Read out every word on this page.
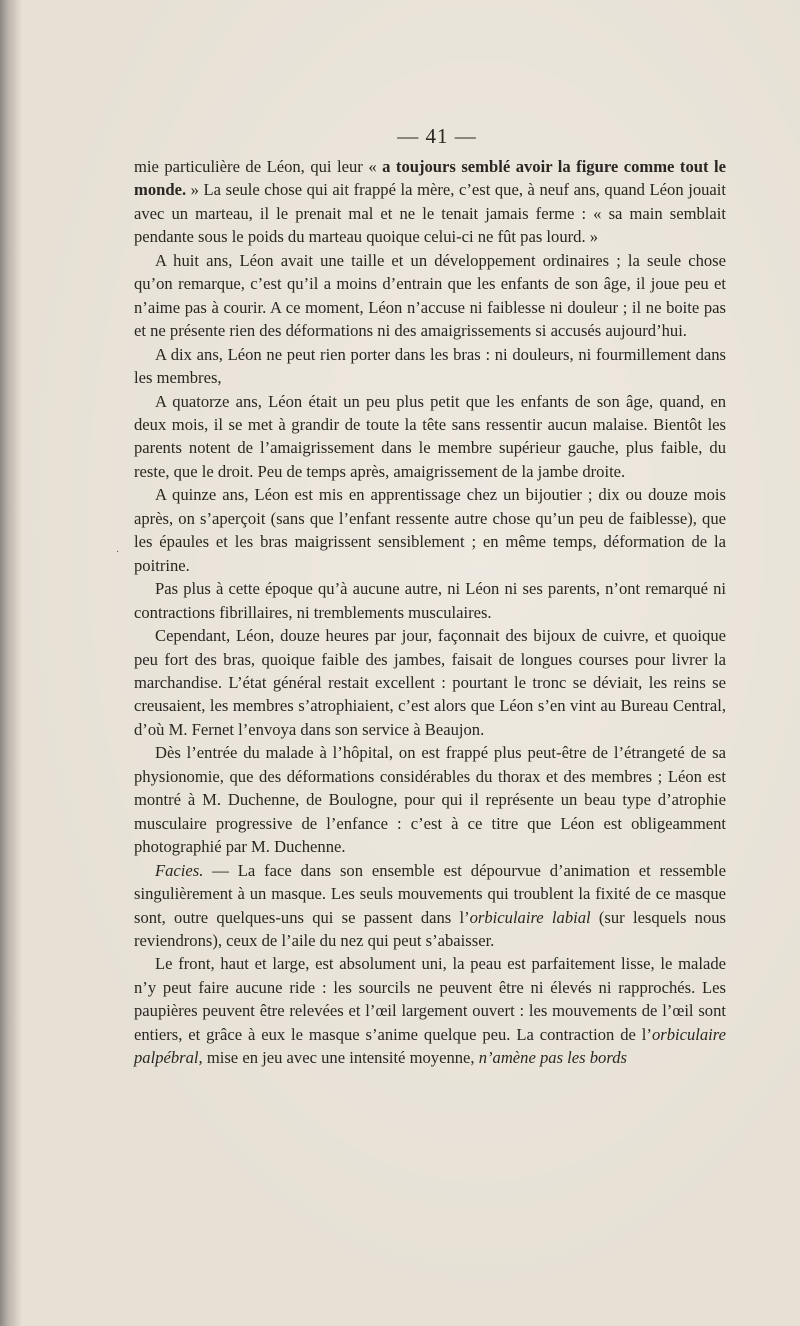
— 41 —
·

mie particulière de Léon, qui leur « a toujours semblé avoir la figure comme tout le monde. » La seule chose qui ait frappé la mère, c’est que, à neuf ans, quand Léon jouait avec un marteau, il le prenait mal et ne le tenait jamais ferme : « sa main semblait pendante sous le poids du marteau quoique celui-ci ne fût pas lourd. »

A huit ans, Léon avait une taille et un développement ordinaires ; la seule chose qu’on remarque, c’est qu’il a moins d’entrain que les enfants de son âge, il joue peu et n’aime pas à courir. A ce moment, Léon n’accuse ni faiblesse ni douleur ; il ne boite pas et ne présente rien des déformations ni des amaigrissements si accusés aujourd’hui.

A dix ans, Léon ne peut rien porter dans les bras : ni douleurs, ni fourmillement dans les membres,

A quatorze ans, Léon était un peu plus petit que les enfants de son âge, quand, en deux mois, il se met à grandir de toute la tête sans ressentir aucun malaise. Bientôt les parents notent de l’amaigrissement dans le membre supérieur gauche, plus faible, du reste, que le droit. Peu de temps après, amaigrissement de la jambe droite.

A quinze ans, Léon est mis en apprentissage chez un bijoutier ; dix ou douze mois après, on s’aperçoit (sans que l’enfant ressente autre chose qu’un peu de faiblesse), que les épaules et les bras maigrissent sensiblement ; en même temps, déformation de la poitrine.

Pas plus à cette époque qu’à aucune autre, ni Léon ni ses parents, n’ont remarqué ni contractions fibrillaires, ni tremblements musculaires.

Cependant, Léon, douze heures par jour, façonnait des bijoux de cuivre, et quoique peu fort des bras, quoique faible des jambes, faisait de longues courses pour livrer la marchandise. L’état général restait excellent : pourtant le tronc se déviait, les reins se creusaient, les membres s’atrophiaient, c’est alors que Léon s’en vint au Bureau Central, d’où M. Fernet l’envoya dans son service à Beaujon.

Dès l’entrée du malade à l’hôpital, on est frappé plus peut-être de l’étrangeté de sa physionomie, que des déformations considérables du thorax et des membres ; Léon est montré à M. Duchenne, de Boulogne, pour qui il représente un beau type d’atrophie musculaire progressive de l’enfance : c’est à ce titre que Léon est obligeamment photographié par M. Duchenne.

Facies. — La face dans son ensemble est dépourvue d’animation et ressemble singulièrement à un masque. Les seuls mouvements qui troublent la fixité de ce masque sont, outre quelques-uns qui se passent dans l’orbiculaire labial (sur lesquels nous reviendrons), ceux de l’aile du nez qui peut s’abaisser.

Le front, haut et large, est absolument uni, la peau est parfaitement lisse, le malade n’y peut faire aucune ride : les sourcils ne peuvent être ni élevés ni rapprochés. Les paupières peuvent être relevées et l’œil largement ouvert : les mouvements de l’œil sont entiers, et grâce à eux le masque s’anime quelque peu. La contraction de l’orbiculaire palpébral, mise en jeu avec une intensité moyenne, n’amène pas les bords
